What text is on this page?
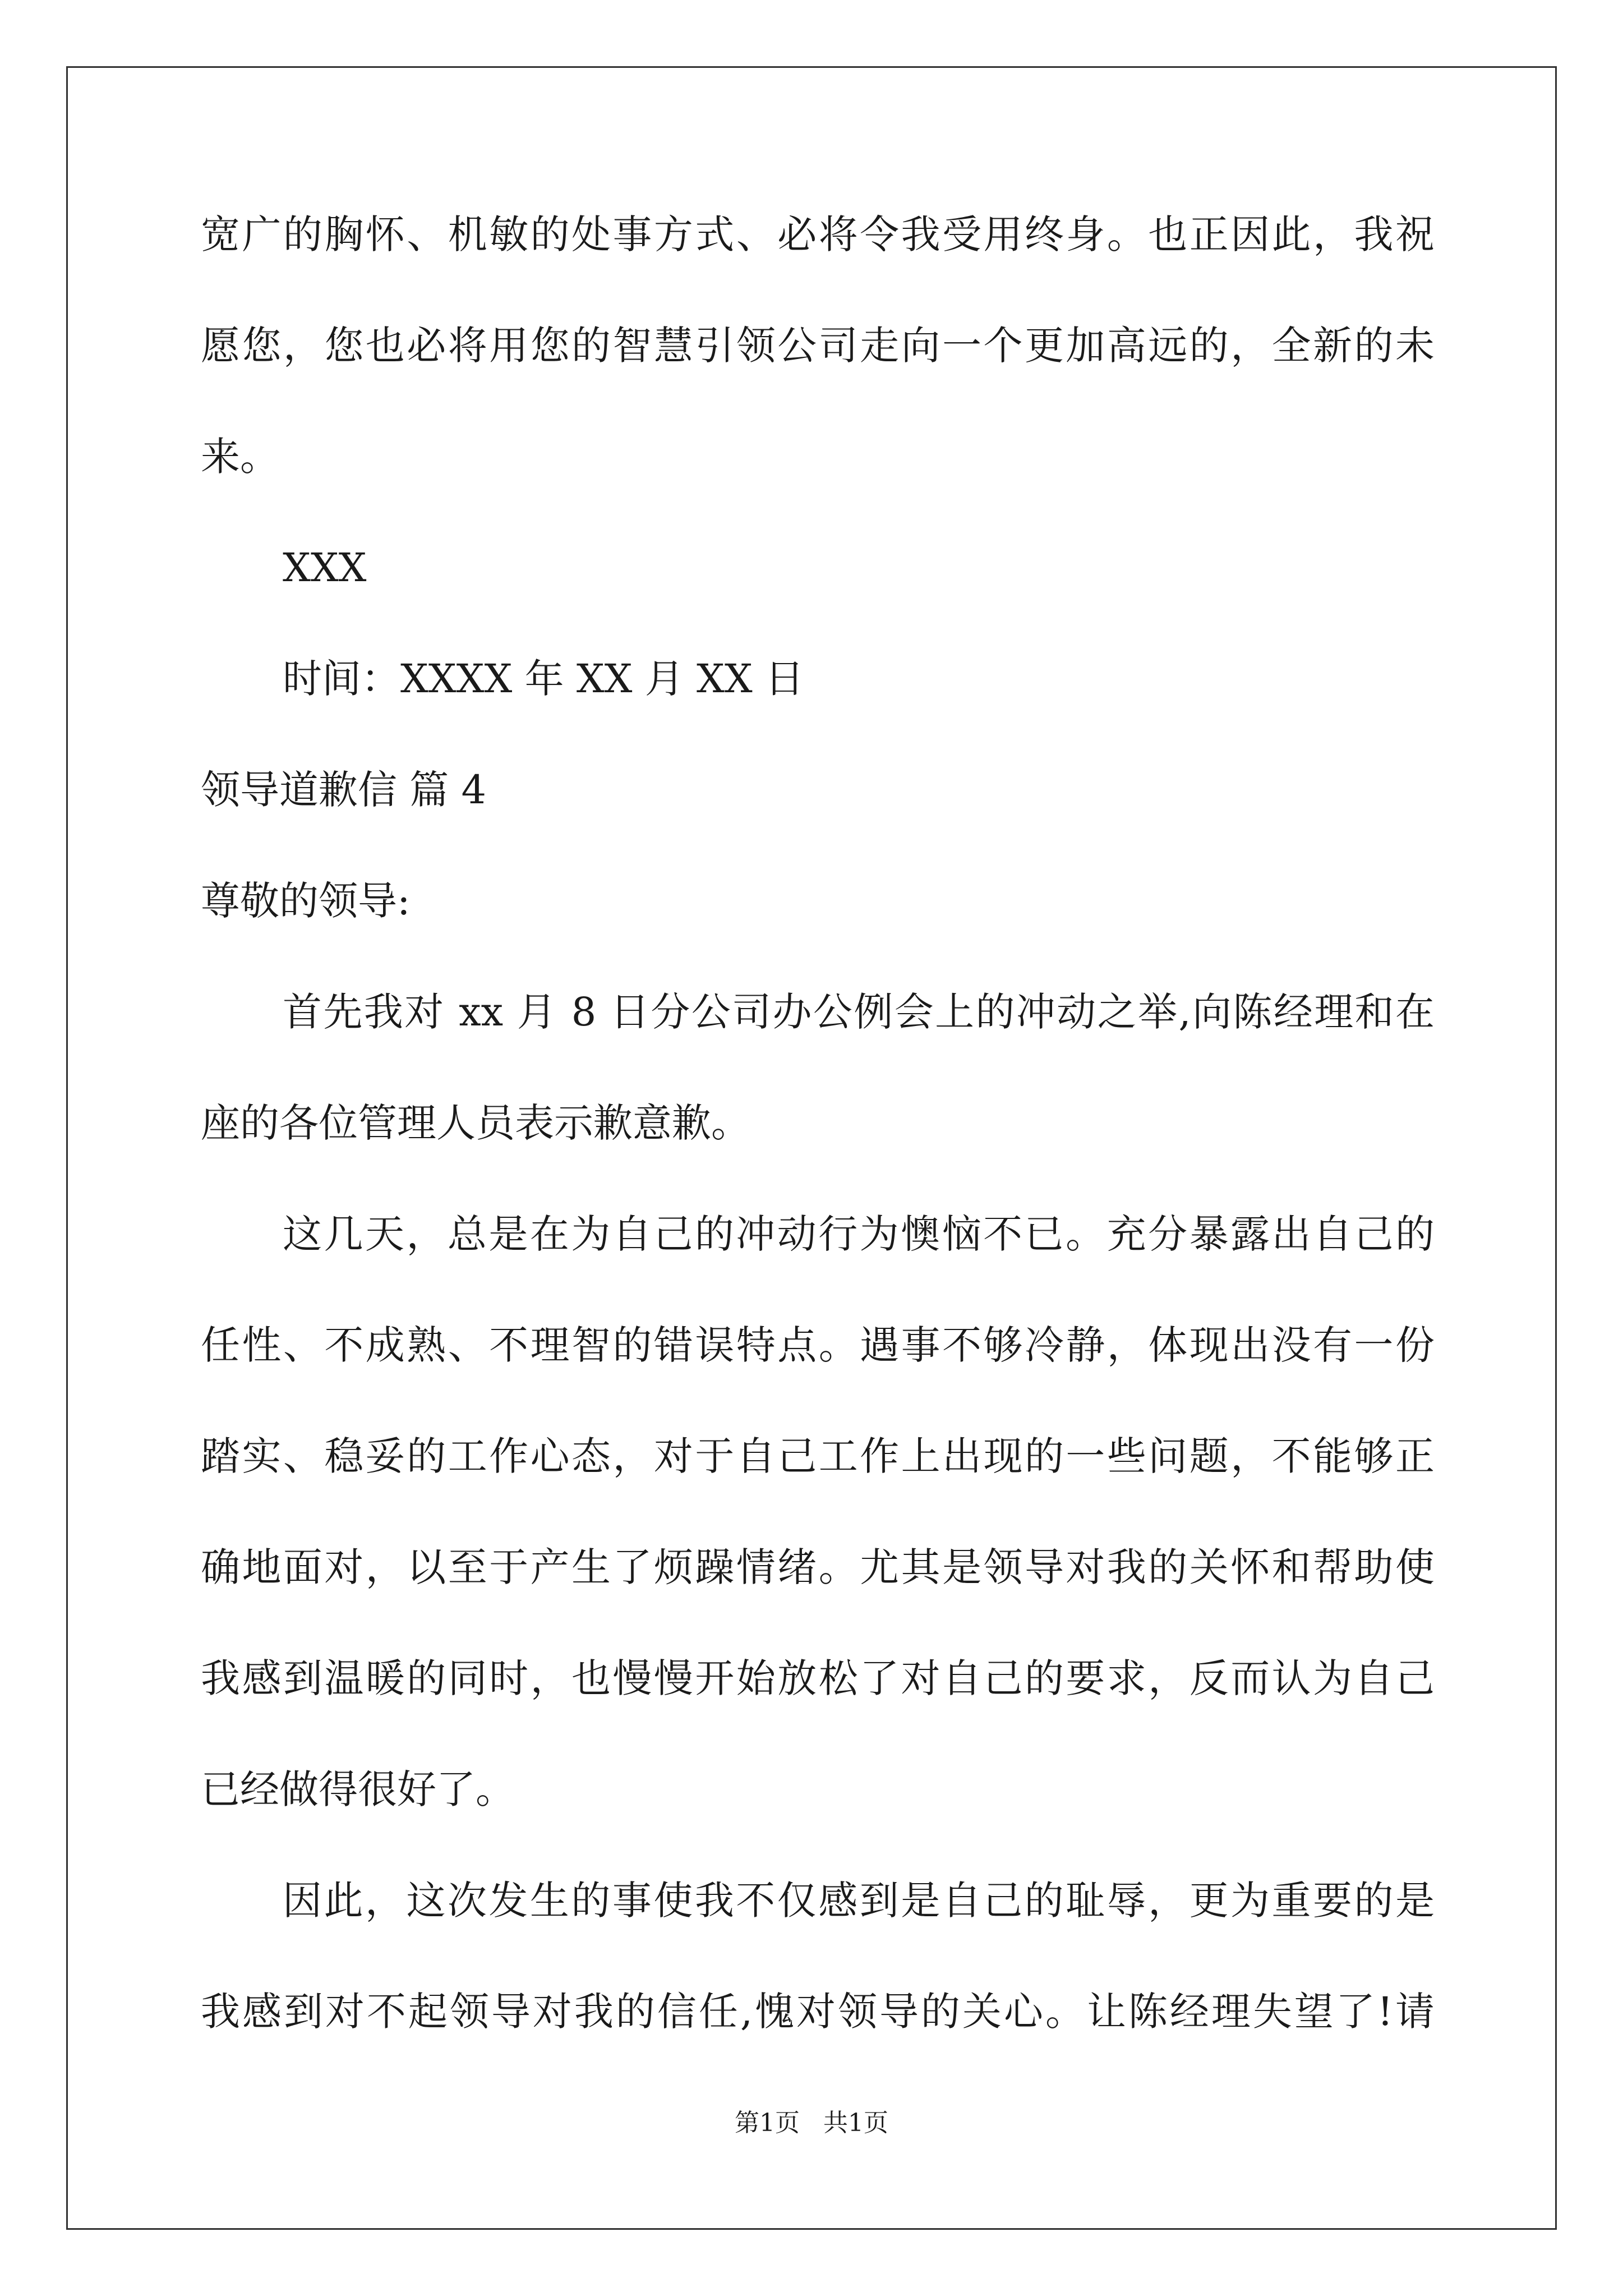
宽广的胸怀、机敏的处事方式、必将令我受用终身。也正因此，我祝
愿您，您也必将用您的智慧引领公司走向一个更加高远的，全新的未
来。
XXX
时间：XXXX 年 XX 月 XX 日
领导道歉信 篇 4
尊敬的领导:
首先我对 xx 月 8 日分公司办公例会上的冲动之举,向陈经理和在
座的各位管理人员表示歉意歉。
这几天，总是在为自己的冲动行为懊恼不已。充分暴露出自己的
任性、不成熟、不理智的错误特点。遇事不够冷静，体现出没有一份
踏实、稳妥的工作心态，对于自己工作上出现的一些问题，不能够正
确地面对，以至于产生了烦躁情绪。尤其是领导对我的关怀和帮助使
我感到温暖的同时，也慢慢开始放松了对自己的要求，反而认为自己
已经做得很好了。
因此，这次发生的事使我不仅感到是自己的耻辱，更为重要的是
我感到对不起领导对我的信任,愧对领导的关心。让陈经理失望了!请
第1页   共1页
